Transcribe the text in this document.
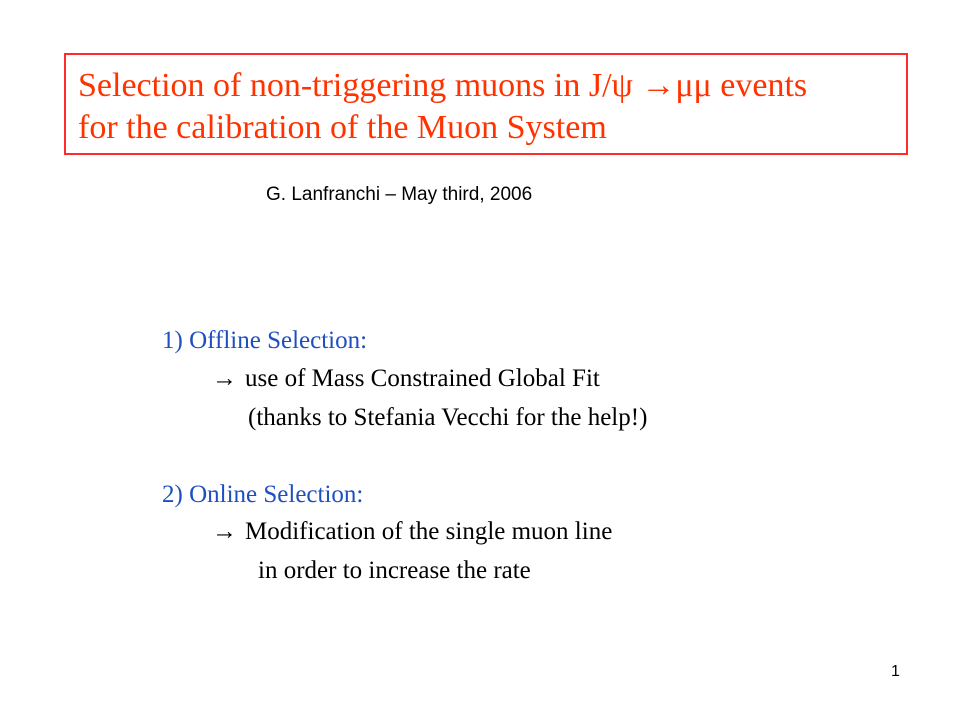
Selection of non-triggering muons in J/ψ →μμ events
for the calibration of the Muon System
G. Lanfranchi – May third, 2006
1) Offline Selection:
→ use of Mass Constrained Global Fit
(thanks to Stefania Vecchi for the help!)
2) Online Selection:
→ Modification of the single muon line
in order to increase the rate
1
